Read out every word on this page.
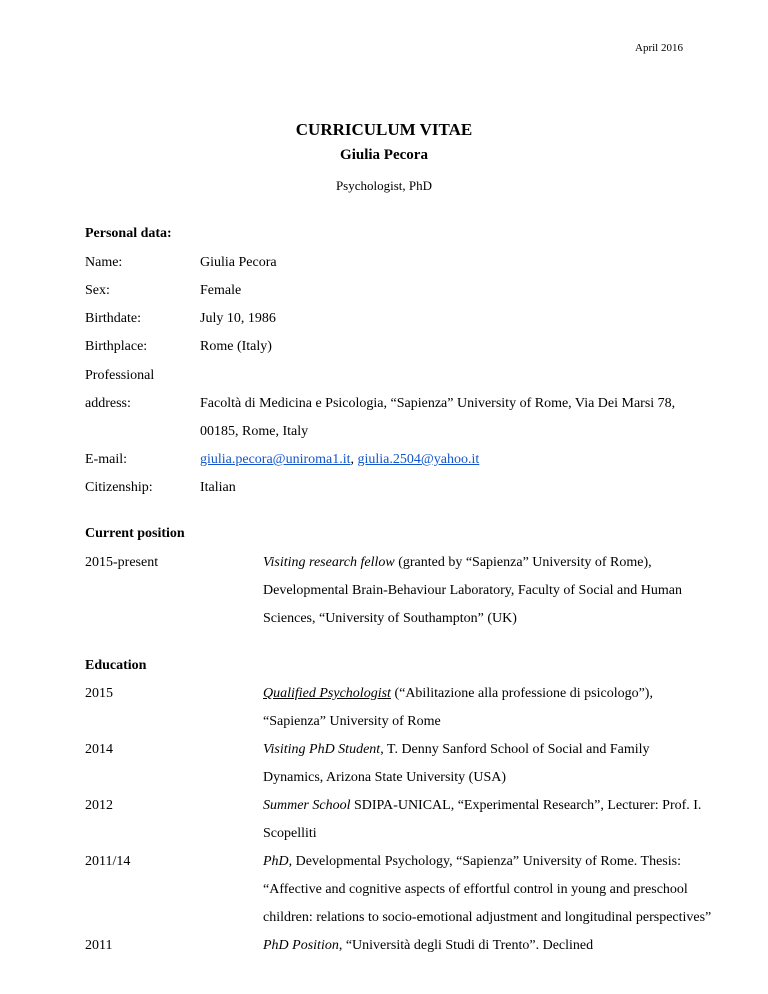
April 2016
CURRICULUM VITAE
Giulia Pecora
Psychologist, PhD
Personal data:
Name:	Giulia Pecora
Sex:	Female
Birthdate:	July 10, 1986
Birthplace:	Rome (Italy)
Professional
address:	Facoltà di Medicina e Psicologia, “Sapienza” University of Rome, Via Dei Marsi 78,
00185, Rome, Italy
E-mail:	giulia.pecora@uniroma1.it, giulia.2504@yahoo.it
Citizenship:	Italian
Current position
2015-present	Visiting research fellow (granted by “Sapienza” University of Rome),
Developmental Brain-Behaviour Laboratory, Faculty of Social and Human
Sciences, “University of Southampton” (UK)
Education
2015	Qualified Psychologist (“Abilitazione alla professione di psicologo”),
“Sapienza” University of Rome
2014	Visiting PhD Student, T. Denny Sanford School of Social and Family
Dynamics, Arizona State University (USA)
2012	Summer School SDIPA-UNICAL, “Experimental Research”, Lecturer: Prof. I.
Scopelliti
2011/14	PhD, Developmental Psychology, “Sapienza” University of Rome. Thesis:
“Affective and cognitive aspects of effortful control in young and preschool
children: relations to socio-emotional adjustment and longitudinal perspectives”
2011	PhD Position, “Università degli Studi di Trento”. Declined
